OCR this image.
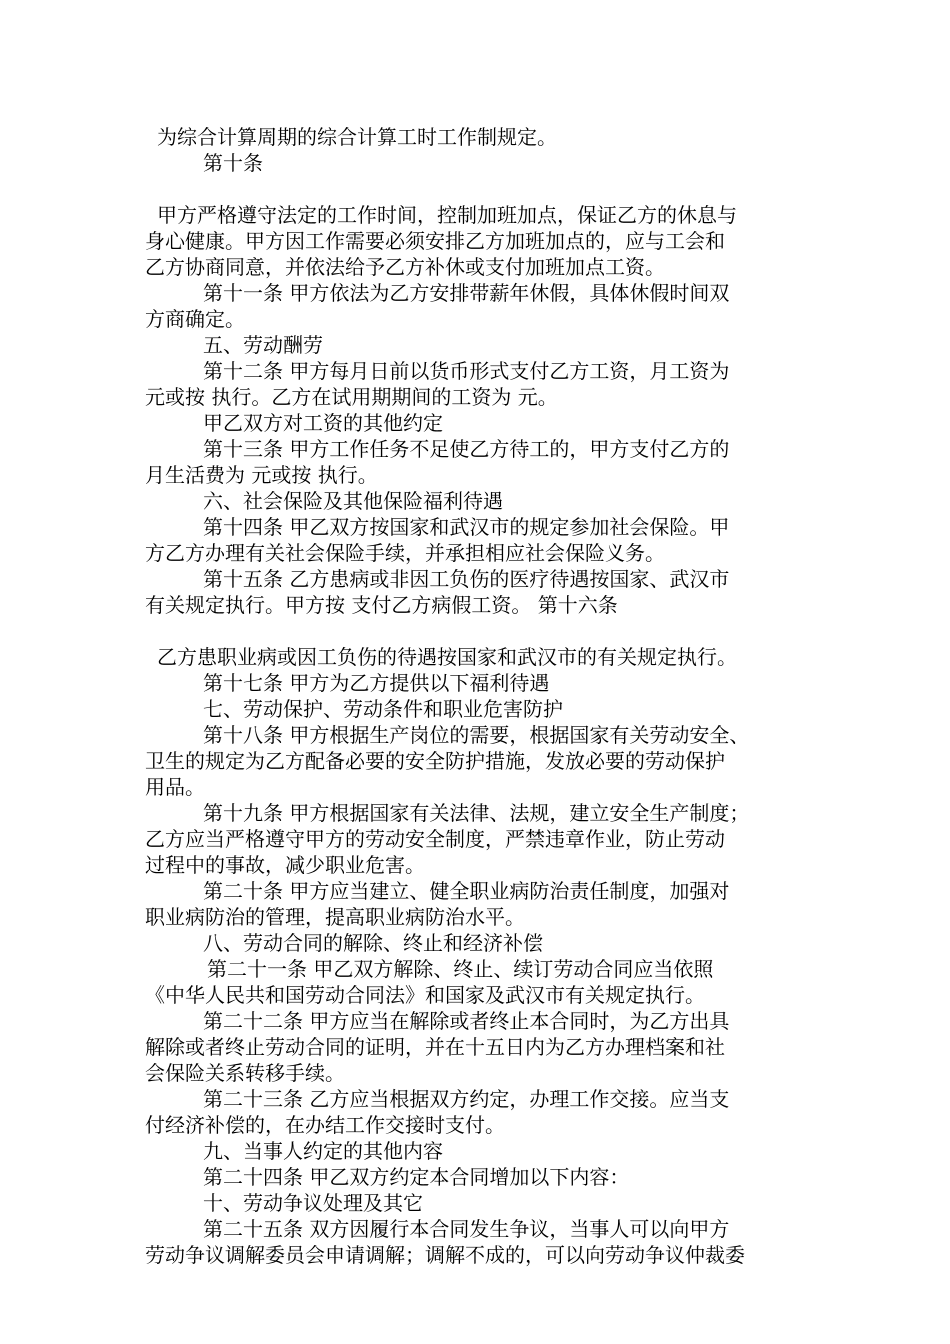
为综合计算周期的综合计算工时工作制规定。
第十条
甲方严格遵守法定的工作时间，控制加班加点，保证乙方的休息与
身心健康。甲方因工作需要必须安排乙方加班加点的，应与工会和
乙方协商同意，并依法给予乙方补休或支付加班加点工资。
第十一条 甲方依法为乙方安排带薪年休假，具体休假时间双
方商确定。
五、劳动酬劳
第十二条 甲方每月日前以货币形式支付乙方工资，月工资为
元或按 执行。乙方在试用期期间的工资为 元。
甲乙双方对工资的其他约定
第十三条 甲方工作任务不足使乙方待工的，甲方支付乙方的
月生活费为 元或按 执行。
六、社会保险及其他保险福利待遇
第十四条 甲乙双方按国家和武汉市的规定参加社会保险。甲
方乙方办理有关社会保险手续，并承担相应社会保险义务。
第十五条 乙方患病或非因工负伤的医疗待遇按国家、武汉市
有关规定执行。甲方按 支付乙方病假工资。 第十六条
乙方患职业病或因工负伤的待遇按国家和武汉市的有关规定执行。
第十七条 甲方为乙方提供以下福利待遇
七、劳动保护、劳动条件和职业危害防护
第十八条 甲方根据生产岗位的需要，根据国家有关劳动安全、
卫生的规定为乙方配备必要的安全防护措施，发放必要的劳动保护
用品。
第十九条 甲方根据国家有关法律、法规，建立安全生产制度；
乙方应当严格遵守甲方的劳动安全制度，严禁违章作业，防止劳动
过程中的事故，减少职业危害。
第二十条 甲方应当建立、健全职业病防治责任制度，加强对
职业病防治的管理，提高职业病防治水平。
八、劳动合同的解除、终止和经济补偿
第二十一条 甲乙双方解除、终止、续订劳动合同应当依照
《中华人民共和国劳动合同法》和国家及武汉市有关规定执行。
第二十二条 甲方应当在解除或者终止本合同时，为乙方出具
解除或者终止劳动合同的证明，并在十五日内为乙方办理档案和社
会保险关系转移手续。
第二十三条 乙方应当根据双方约定，办理工作交接。应当支
付经济补偿的，在办结工作交接时支付。
九、当事人约定的其他内容
第二十四条 甲乙双方约定本合同增加以下内容：
十、劳动争议处理及其它
第二十五条 双方因履行本合同发生争议，当事人可以向甲方
劳动争议调解委员会申请调解；调解不成的，可以向劳动争议仲裁委
